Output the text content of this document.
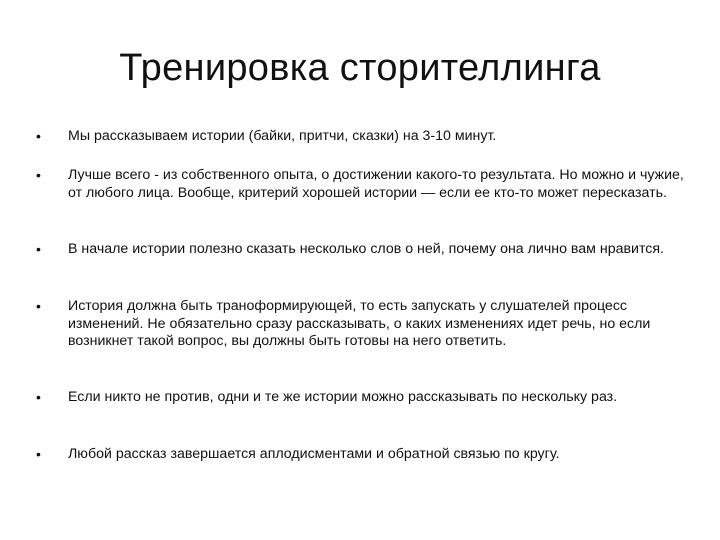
Тренировка сторителлинга
•	Мы рассказываем истории (байки, притчи, сказки) на 3-10 минут.
•	Лучше всего - из собственного опыта, о достижении какого-то результата. Но можно и чужие, от любого лица. Вообще, критерий хорошей истории — если ее кто-то может пересказать.
•	В начале истории полезно сказать несколько слов о ней, почему она лично вам нравится.
•	История должна быть траноформирующей, то есть запускать у слушателей процесс изменений. Не обязательно сразу рассказывать, о каких изменениях идет речь, но если возникнет такой вопрос, вы должны быть готовы на него ответить.
•	Если никто не против, одни и те же истории можно рассказывать по нескольку раз.
•	Любой рассказ завершается аплодисментами и обратной связью по кругу.
